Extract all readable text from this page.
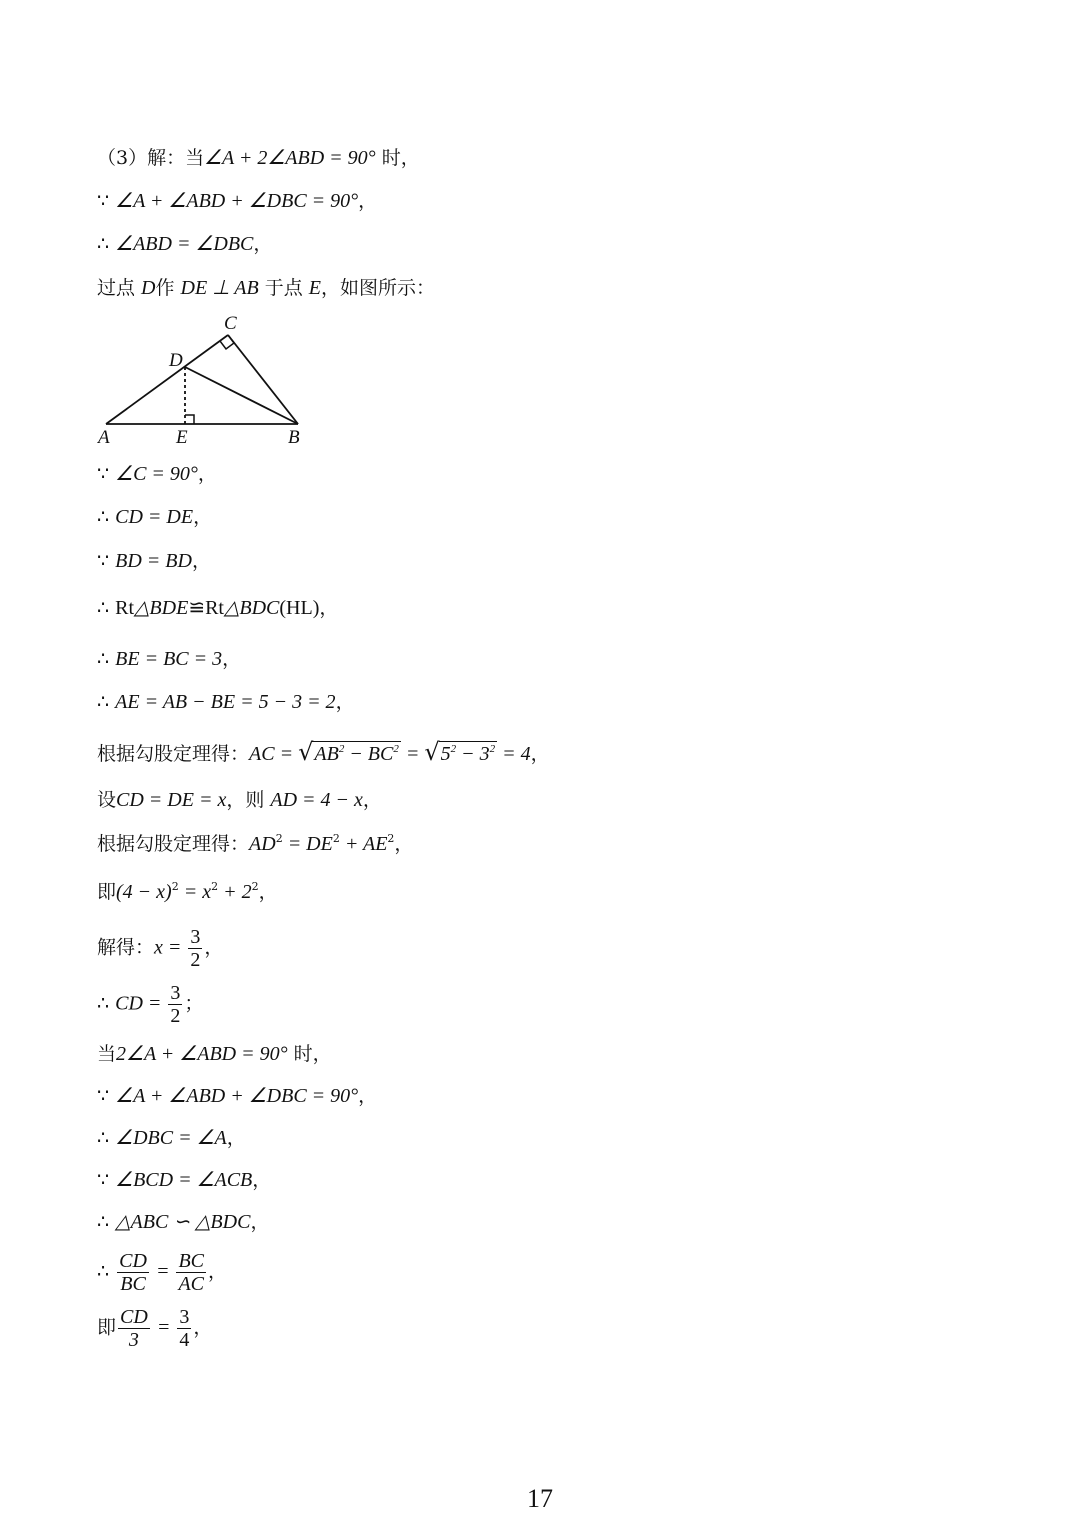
（3）解：当∠A + 2∠ABD = 90° 时，
∵ ∠A + ∠ABD + ∠DBC = 90°，
∴ ∠ABD = ∠DBC，
过点 D作 DE ⊥ AB 于点 E，如图所示：
A	E	B
C
D
∵ ∠C = 90°，
∴ CD = DE，
∵ BD = BD，
∴ Rt△BDE≌Rt△BDC(HL)，
∴ BE = BC = 3，
∴ AE = AB − BE = 5 − 3 = 2，
根据勾股定理得：AC = $√AB^2 - BC^2 = √5^2 - 3^2 = 4$，
设CD = DE = x，则 AD = 4 − x，
根据勾股定理得：$AD^2 = DE^2 + AE^2$，
即$(4 - x)^2 = x^2 + 2^2$，
解得：$x = \frac{3}{2}$ ，
∴ CD = $\frac{3}{2}$ ；
当2∠A + ∠ABD = 90° 时，
∵ ∠A + ∠ABD + ∠DBC = 90°，
∴ ∠DBC = ∠A，
∵ ∠BCD = ∠ACB，
∴ △ABC ∽ △BDC，
∴ $\frac{CD}{BC} = \frac{BC}{AC}$ ，
即 $\frac{CD}{3} = \frac{3}{4}$ ，
17
